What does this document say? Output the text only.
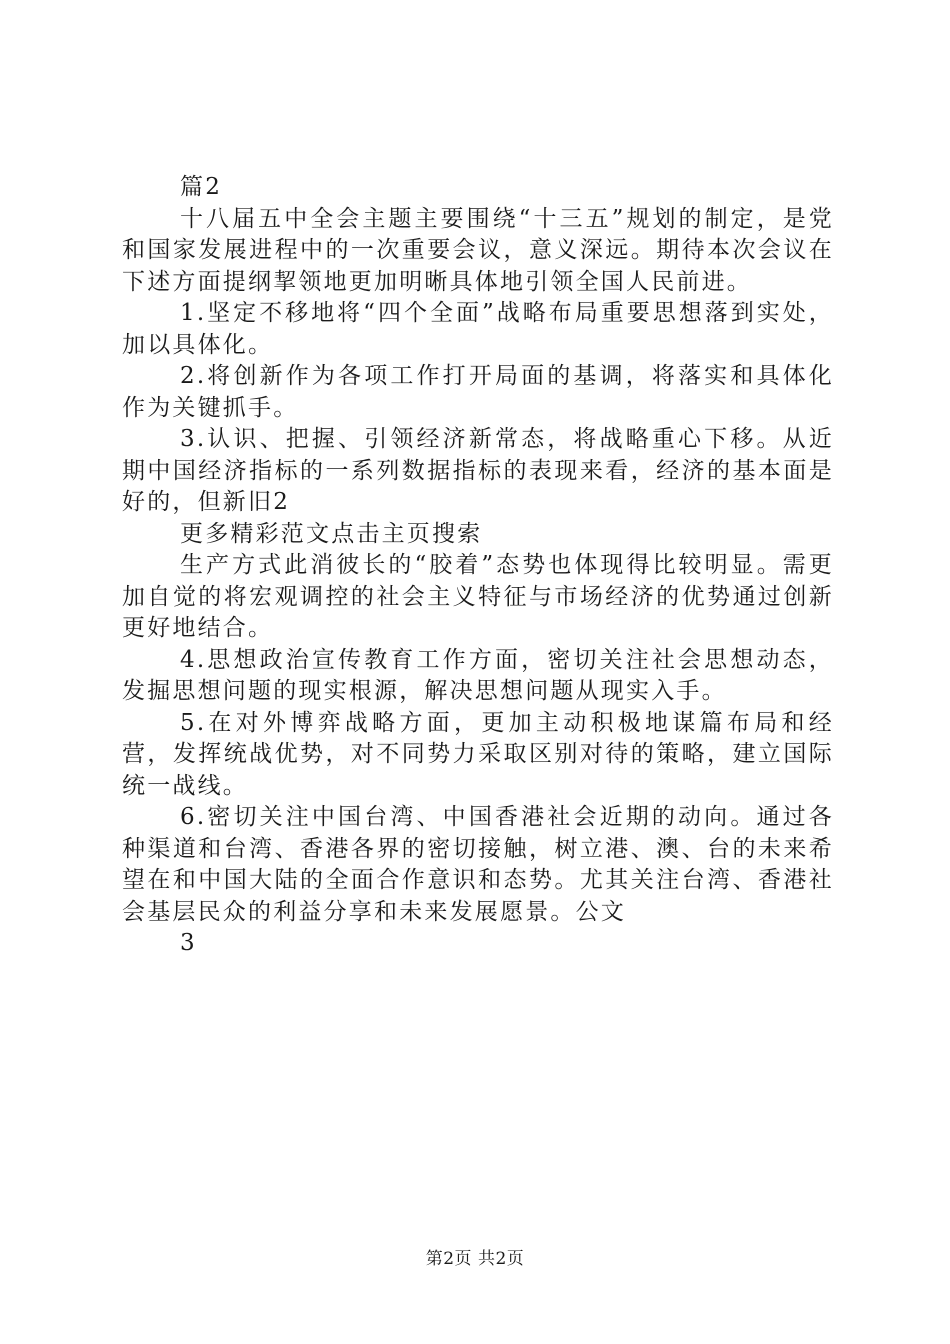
篇2

十八届五中全会主题主要围绕“十三五”规划的制定，是党和国家发展进程中的一次重要会议，意义深远。期待本次会议在下述方面提纲挈领地更加明晰具体地引领全国人民前进。

1.坚定不移地将“四个全面”战略布局重要思想落到实处，加以具体化。

2.将创新作为各项工作打开局面的基调，将落实和具体化作为关键抓手。

3.认识、把握、引领经济新常态，将战略重心下移。从近期中国经济指标的一系列数据指标的表现来看，经济的基本面是好的，但新旧2

更多精彩范文点击主页搜索

生产方式此消彼长的“胶着”态势也体现得比较明显。需更加自觉的将宏观调控的社会主义特征与市场经济的优势通过创新更好地结合。

4.思想政治宣传教育工作方面，密切关注社会思想动态，发掘思想问题的现实根源，解决思想问题从现实入手。

5.在对外博弈战略方面，更加主动积极地谋篇布局和经营，发挥统战优势，对不同势力采取区别对待的策略，建立国际统一战线。

6.密切关注中国台湾、中国香港社会近期的动向。通过各种渠道和台湾、香港各界的密切接触，树立港、澳、台的未来希望在和中国大陆的全面合作意识和态势。尤其关注台湾、香港社会基层民众的利益分享和未来发展愿景。公文

3

第2页 共2页
